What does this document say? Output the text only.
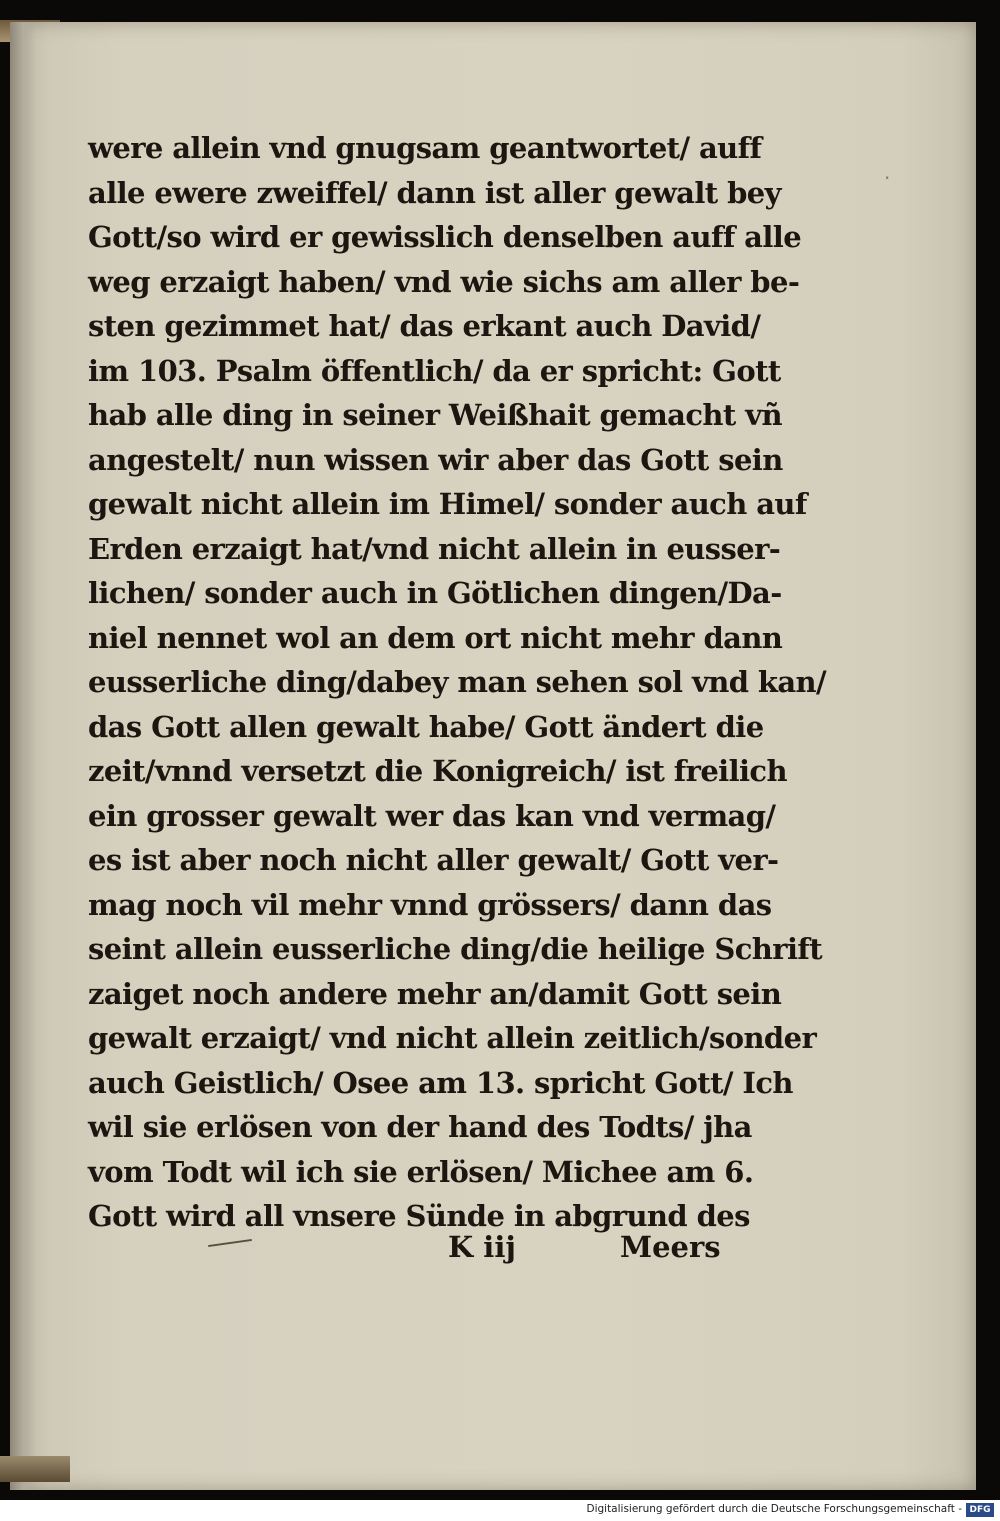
·
were allein vnd gnugsam geantwortet/ auff
alle ewere zweiffel/ dann ist aller gewalt bey
Gott/so wird er gewisslich denselben auff alle
weg erzaigt haben/ vnd wie sichs am aller be-
sten gezimmet hat/ das erkant auch David/
im 103. Psalm öffentlich/ da er spricht: Gott
hab alle ding in seiner Weißhait gemacht vñ
angestelt/ nun wissen wir aber das Gott sein
gewalt nicht allein im Himel/ sonder auch auf
Erden erzaigt hat/vnd nicht allein in eusser-
lichen/ sonder auch in Götlichen dingen/Da-
niel nennet wol an dem ort nicht mehr dann
eusserliche ding/dabey man sehen sol vnd kan/
das Gott allen gewalt habe/ Gott ändert die
zeit/vnnd versetzt die Konigreich/ ist freilich
ein grosser gewalt wer das kan vnd vermag/
es ist aber noch nicht aller gewalt/ Gott ver-
mag noch vil mehr vnnd grössers/ dann das
seint allein eusserliche ding/die heilige Schrift
zaiget noch andere mehr an/damit Gott sein
gewalt erzaigt/ vnd nicht allein zeitlich/sonder
auch Geistlich/ Osee am 13. spricht Gott/ Ich
wil sie erlösen von der hand des Todts/ jha
vom Todt wil ich sie erlösen/ Michee am 6.
Gott wird all vnsere Sünde in abgrund des
K iij	Meers
Digitalisierung gefördert durch die Deutsche Forschungsgemeinschaft - DFG
